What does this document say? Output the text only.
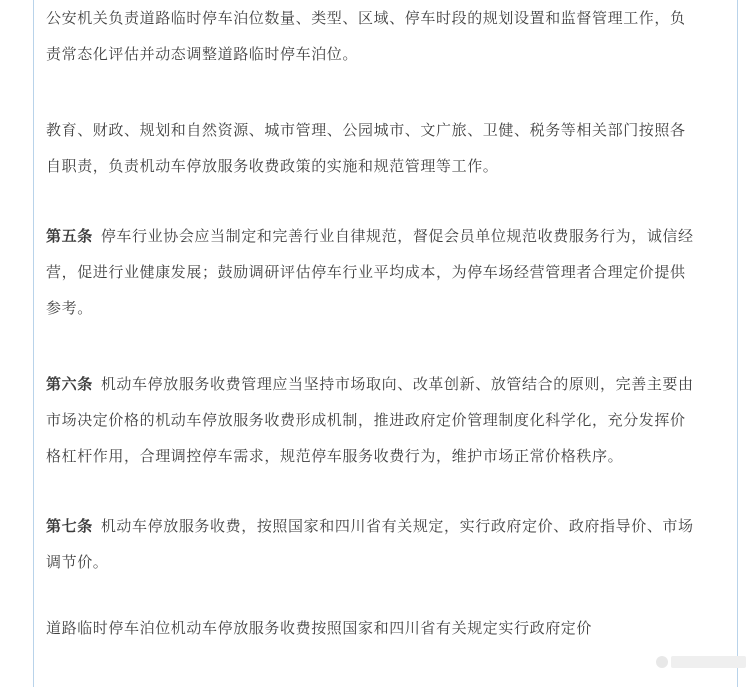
公安机关负责道路临时停车泊位数量、类型、区域、停车时段的规划设置和监督管理工作，负责常态化评估并动态调整道路临时停车泊位。

教育、财政、规划和自然资源、城市管理、公园城市、文广旅、卫健、税务等相关部门按照各自职责，负责机动车停放服务收费政策的实施和规范管理等工作。

第五条 停车行业协会应当制定和完善行业自律规范，督促会员单位规范收费服务行为，诚信经营，促进行业健康发展；鼓励调研评估停车行业平均成本，为停车场经营管理者合理定价提供参考。

第六条 机动车停放服务收费管理应当坚持市场取向、改革创新、放管结合的原则，完善主要由市场决定价格的机动车停放服务收费形成机制，推进政府定价管理制度化科学化，充分发挥价格杠杆作用，合理调控停车需求，规范停车服务收费行为，维护市场正常价格秩序。

第七条 机动车停放服务收费，按照国家和四川省有关规定，实行政府定价、政府指导价、市场调节价。

道路临时停车泊位机动车停放服务收费按照国家和四川省有关规定实行政府定价
